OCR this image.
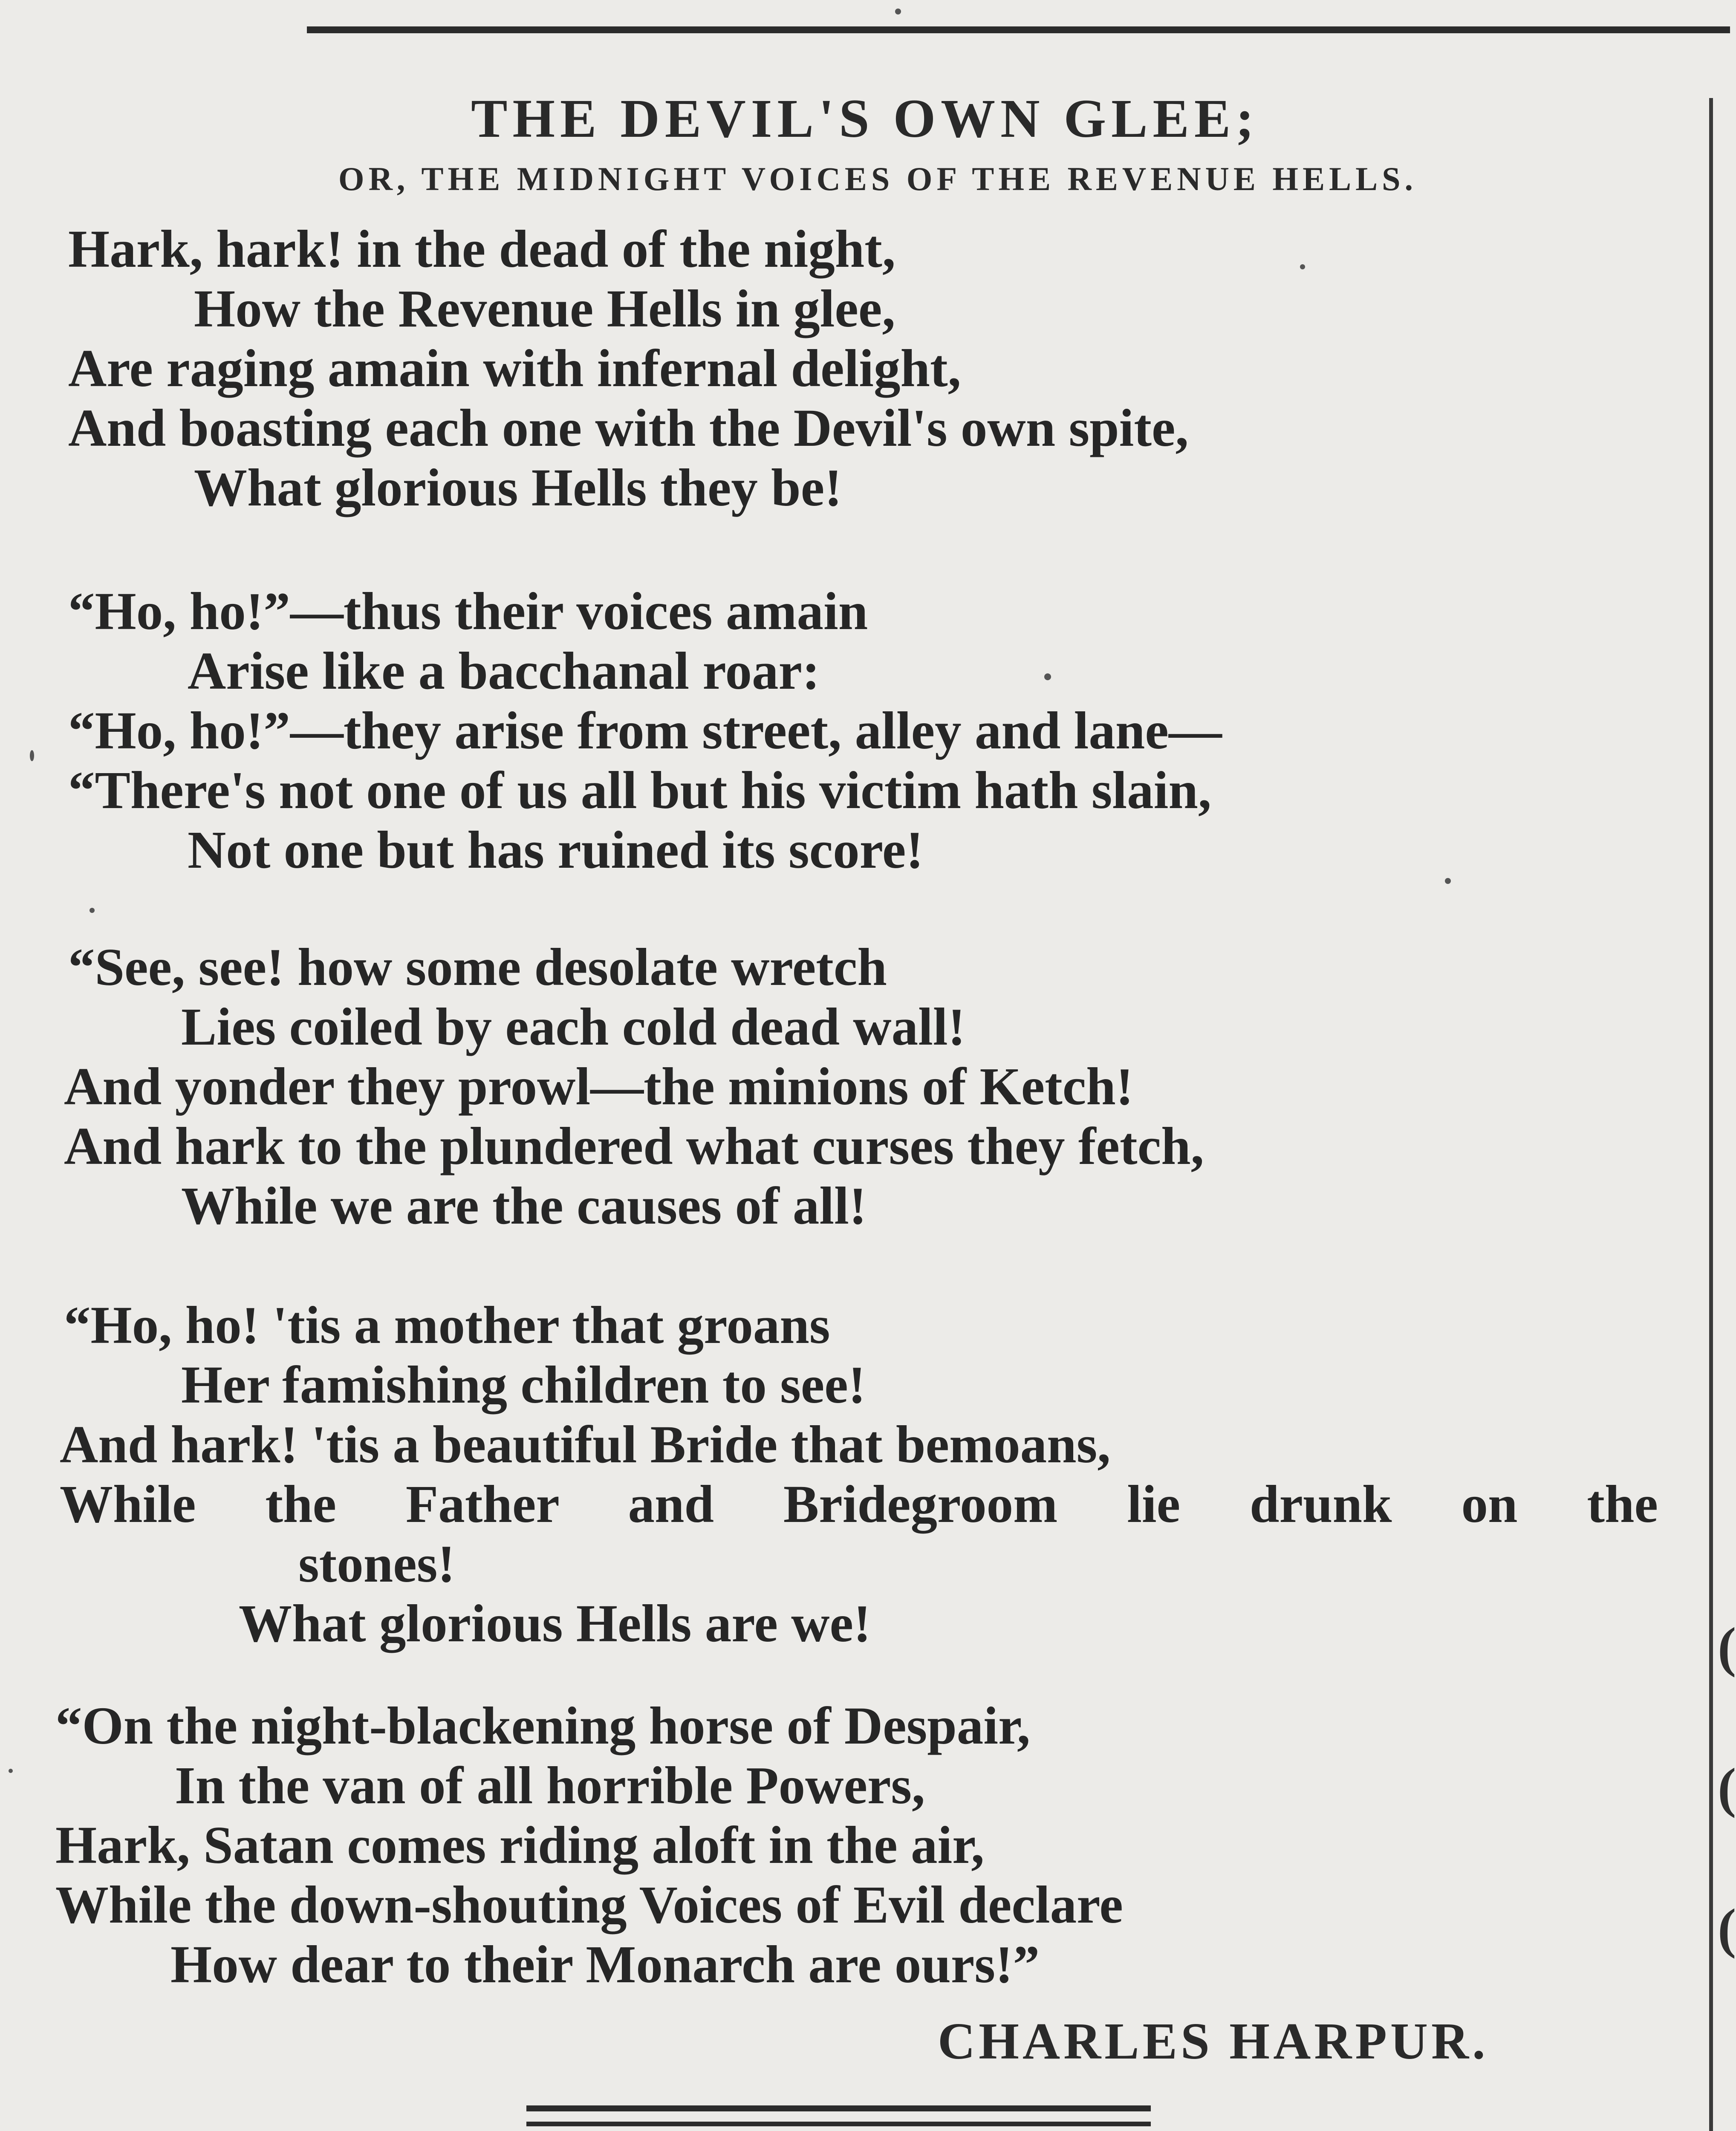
(
(
(
THE DEVIL'S OWN GLEE;
OR, THE MIDNIGHT VOICES OF THE REVENUE HELLS.
Hark, hark! in the dead of the night,
How the Revenue Hells in glee,
Are raging amain with infernal delight,
And boasting each one with the Devil's own spite,
What glorious Hells they be!
“Ho, ho!”—thus their voices amain
Arise like a bacchanal roar:
“Ho, ho!”—they arise from street, alley and lane—
“There's not one of us all but his victim hath slain,
Not one but has ruined its score!
“See, see! how some desolate wretch
Lies coiled by each cold dead wall!
And yonder they prowl—the minions of Ketch!
And hark to the plundered what curses they fetch,
While we are the causes of all!
“Ho, ho! 'tis a mother that groans
Her famishing children to see!
And hark! 'tis a beautiful Bride that bemoans,
While the Father and Bridegroom lie drunk on the
stones!
What glorious Hells are we!
“On the night-blackening horse of Despair,
In the van of all horrible Powers,
Hark, Satan comes riding aloft in the air,
While the down-shouting Voices of Evil declare
How dear to their Monarch are ours!”
CHARLES HARPUR.
